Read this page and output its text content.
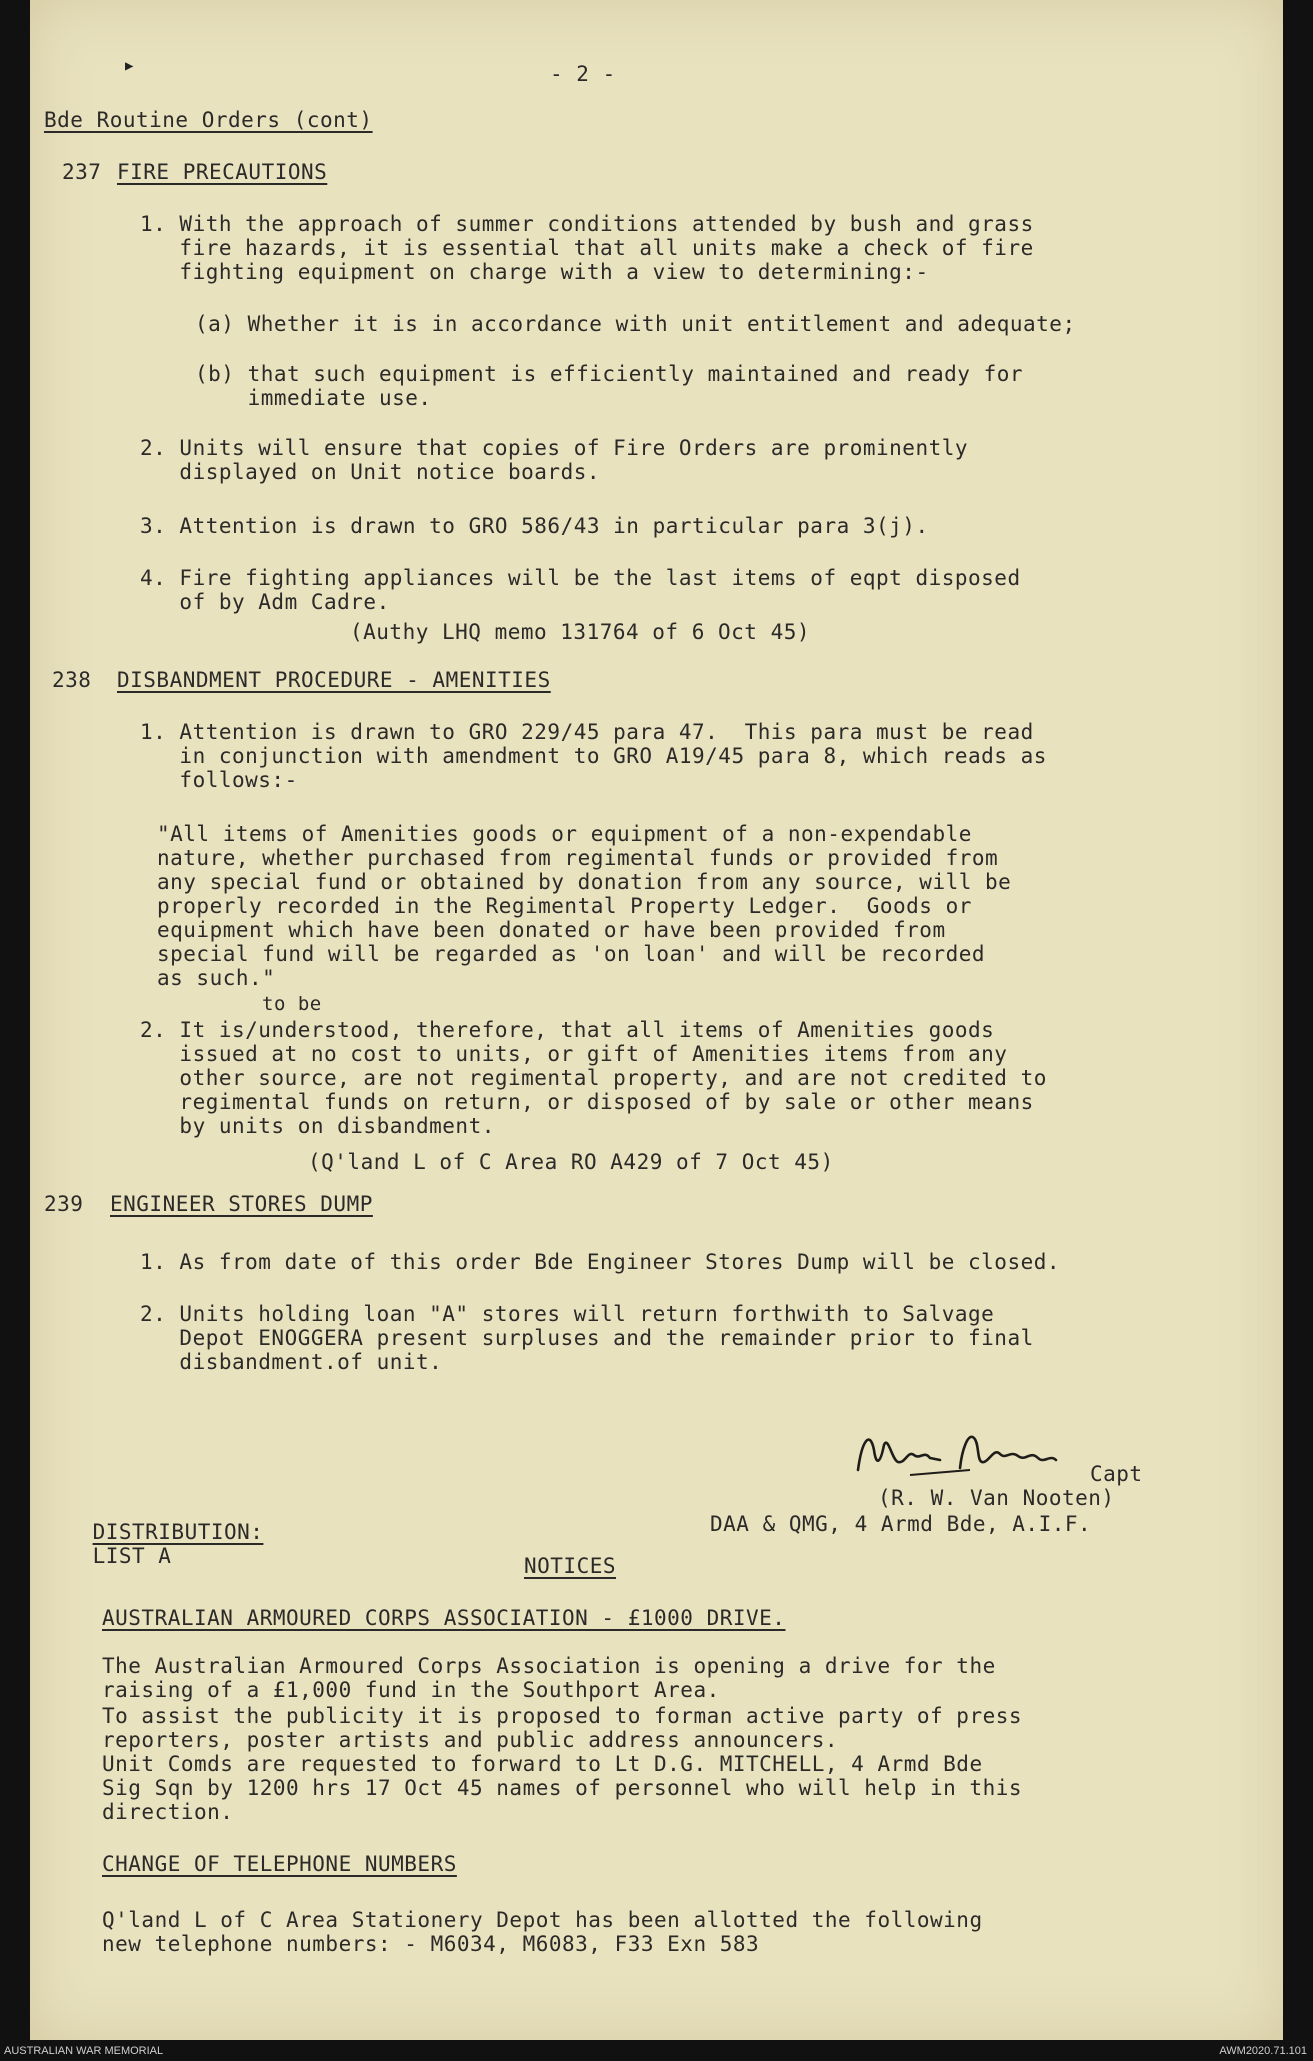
▶	- 2 -
Bde Routine Orders (cont)
237 FIRE PRECAUTIONS
1. With the approach of summer conditions attended by bush and grass
fire hazards, it is essential that all units make a check of fire
fighting equipment on charge with a view to determining:-
(a) Whether it is in accordance with unit entitlement and adequate;
(b) that such equipment is efficiently maintained and ready for
immediate use.
2. Units will ensure that copies of Fire Orders are prominently
displayed on Unit notice boards.
3. Attention is drawn to GRO 586/43 in particular para 3(j).
4. Fire fighting appliances will be the last items of eqpt disposed
of by Adm Cadre.
(Authy LHQ memo 131764 of 6 Oct 45)
238 DISBANDMENT PROCEDURE - AMENITIES
1. Attention is drawn to GRO 229/45 para 47.  This para must be read
in conjunction with amendment to GRO A19/45 para 8, which reads as
follows:-
"All items of Amenities goods or equipment of a non-expendable
nature, whether purchased from regimental funds or provided from
any special fund or obtained by donation from any source, will be
properly recorded in the Regimental Property Ledger.  Goods or
equipment which have been donated or have been provided from
special fund will be regarded as 'on loan' and will be recorded
as such."
to be
2. It is/understood, therefore, that all items of Amenities goods
issued at no cost to units, or gift of Amenities items from any
other source, are not regimental property, and are not credited to
regimental funds on return, or disposed of by sale or other means
by units on disbandment.
(Q'land L of C Area RO A429 of 7 Oct 45)
239 ENGINEER STORES DUMP
1. As from date of this order Bde Engineer Stores Dump will be closed.
2. Units holding loan "A" stores will return forthwith to Salvage
Depot ENOGGERA present surpluses and the remainder prior to final
disbandment.of unit.
Capt
(R. W. Van Nooten)
DAA & QMG, 4 Armd Bde, A.I.F.

DISTRIBUTION:
LIST A
	NOTICES
AUSTRALIAN ARMOURED CORPS ASSOCIATION - £1000 DRIVE.
The Australian Armoured Corps Association is opening a drive for the
raising of a £1,000 fund in the Southport Area.
To assist the publicity it is proposed to forman active party of press
reporters, poster artists and public address announcers.
Unit Comds are requested to forward to Lt D.G. MITCHELL, 4 Armd Bde
Sig Sqn by 1200 hrs 17 Oct 45 names of personnel who will help in this
direction.
CHANGE OF TELEPHONE NUMBERS
Q'land L of C Area Stationery Depot has been allotted the following
new telephone numbers: - M6034, M6083, F33 Exn 583
AUSTRALIAN WAR MEMORIAL	AWM2020.71.101
